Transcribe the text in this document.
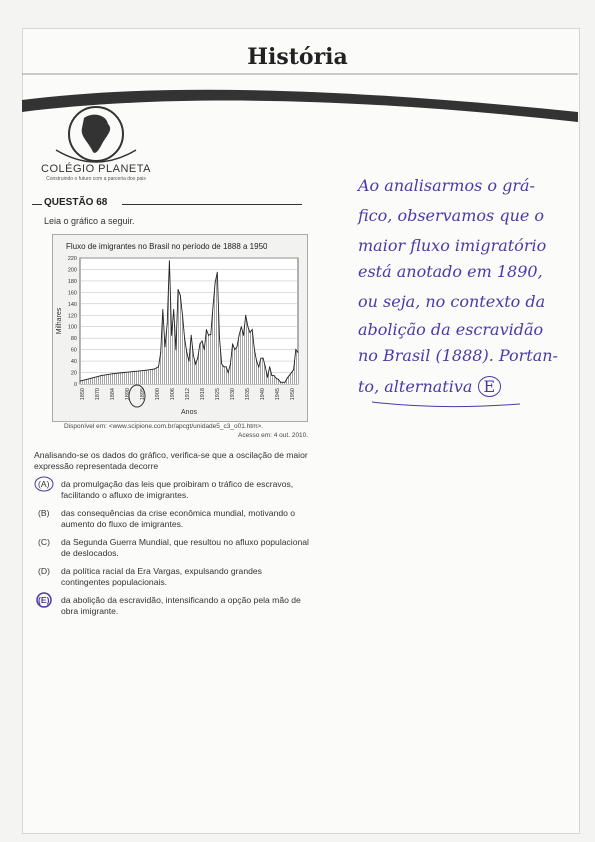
História
COLÉGIO PLANETA
Construindo o futuro com a parceria dos pais
QUESTÃO 68
Leia o gráfico a seguir.
Fluxo de imigrantes no Brasil no período de 1888 a 1950
0
20
40
60
80
100
120
140
160
180
200
220
1850 1870 1884 1890 1895 1900 1906 1912 1918 1925 1930 1935 1940 1945 1950
Anos
Milhares
Disponível em: <www.scipione.com.br/apcgt/unidade5_c3_o01.htm>.
Acesso em: 4 out. 2010.
Analisando-se os dados do gráfico, verifica-se que a oscilação de maior expressão representada decorre
(A) da promulgação das leis que proibiram o tráfico de escravos, facilitando o afluxo de imigrantes.
(B) das consequências da crise econômica mundial, motivando o aumento do fluxo de imigrantes.
(C) da Segunda Guerra Mundial, que resultou no afluxo populacional de deslocados.
(D) da política racial da Era Vargas, expulsando grandes contingentes populacionais.
(E) da abolição da escravidão, intensificando a opção pela mão de obra imigrante.
Ao analisarmos o grá-
fico, observamos que o
maior fluxo imigratório
está anotado em 1890,
ou seja, no contexto da
abolição da escravidão
no Brasil (1888). Portan-
to, alternativa E
